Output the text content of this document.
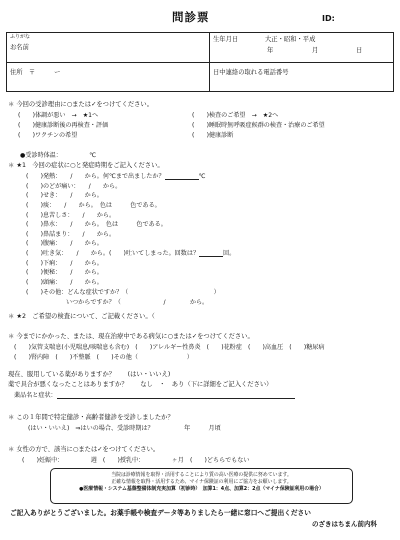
問診票	ID:
ふりがな
お名前
生年月日	大正・昭和・平成
年	月	日
住所　〒　　　ー	日中連絡の取れる電話番号
＊ 今回の受診理由に○または✓をつけてください。
(　　)体調が悪い　→　★1へ	(　　)検査のご希望　→　★2へ
(　　)健康診断後の再検査・評価	(　　)睡眠時無呼吸症候群の検査・治療のご希望
(　　)ワクチンの希望	(　　)健康診断
●受診時体温：　　　　　℃
＊ ★1　今回の症状に○と発症時期をご記入ください。
(　　)発熱：　　/　　から。何℃まで出ましたか？	℃
(　　)のどが痛い：　　/　　から。
(　　)せき：　　/　　から。
(　　)痰：　　/　　から。　色は　　　色である。
(　　)息苦しさ：　　/　　から。
(　　)鼻水：　　/　　から。　色は　　　色である。
(　　)鼻詰まり：　　/　　から。
(　　)腹痛：　　/　　から。
(　　)吐き気：　　/　　から。(　　)吐いてしまった。回数は？	回。
(　　)下痢：　　/　　から。
(　　)便秘：　　/　　から。
(　　)頭痛：　　/　　から。
(　　)その他：どんな症状ですか？（　　　　　　　　　　　　　　）
いつからですか？（　　　　　　　/　　　　から。
＊ ★2　ご希望の検査について、ご記載ください。（
＊ 今までにかかった、または、現在治療中である病気に○または✓をつけてください。
(　　)気管支喘息(小児喘息/咳喘息も含む)　(　　)アレルギー性鼻炎　(　　)花粉症　(　　)高血圧　(　　)糖尿病
(　　)腎内障　(　　)不整脈　(　　)その他（　　　　　　　　）
現在、服用している薬がありますか？　　(はい・いいえ)
薬で具合が悪くなったことはありますか？　　なし　・　あり（下に詳細をご記入ください）
薬品名と症状：
＊ この１年間で特定健診・高齢者健診を受診しましたか？
(はい・いいえ)　⇒はいの場合、受診時期は？　　　　　年　　　月頃
＊ 女性の方で、該当に○または✓をつけてください。
(　　)妊娠中：　　　　　週　(　　)授乳中：　　　　　ヶ月　(　　)どちらでもない
当院は診療情報を取得・活用することにより質の高い医療の提供に努めています。
正確な情報を取得・活用するため、マイナ保険証の利用にご協力をお願いします。
●医療情報・システム基盤整備体制充実加算（初診時）　加算1：4点、加算2：2点（マイナ保険証利用の場合）
ご記入ありがとうございました。お薬手帳や検査データ等ありましたら一緒に窓口へご提出ください
のざきはちまん前内科
